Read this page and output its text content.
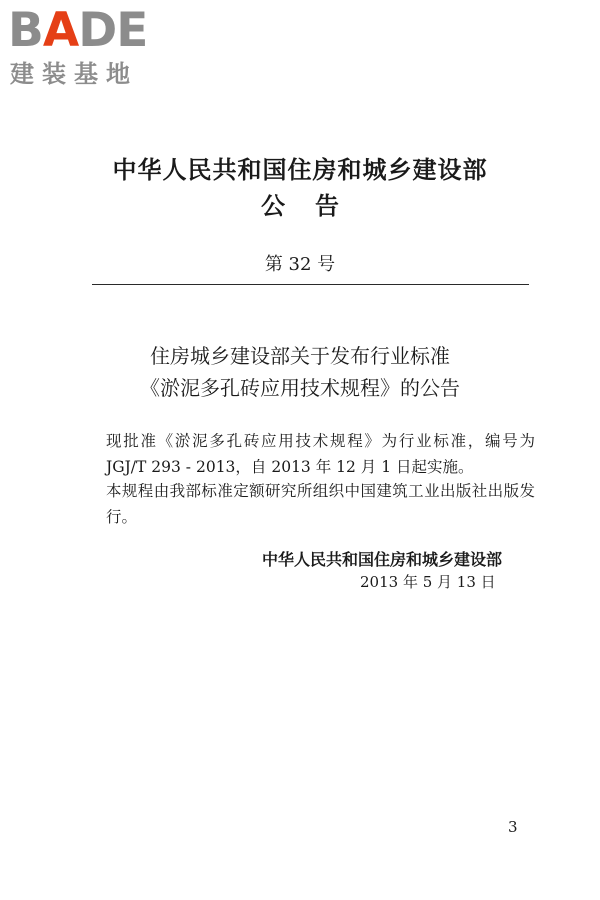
BADE
建装基地
中华人民共和国住房和城乡建设部
公告
第 32 号
住房城乡建设部关于发布行业标准
《淤泥多孔砖应用技术规程》的公告
现批准《淤泥多孔砖应用技术规程》为行业标准，编号为 JGJ/T 293 - 2013，自 2013 年 12 月 1 日起实施。
本规程由我部标准定额研究所组织中国建筑工业出版社出版发行。
中华人民共和国住房和城乡建设部
2013 年 5 月 13 日
3
